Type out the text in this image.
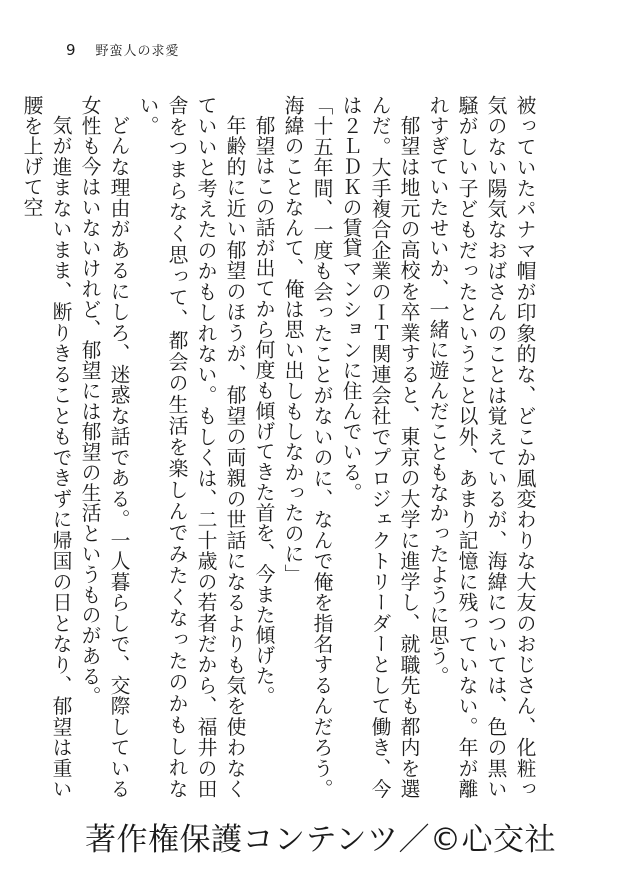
9 野蛮人の求愛

被っていたパナマ帽が印象的な、どこか風変わりな大友のおじさん、化粧っ気のない陽気なおばさんのことは覚えているが、海緯については、色の黒い騒がしい子どもだったということ以外、あまり記憶に残っていない。年が離れすぎていたせいか、一緒に遊んだこともなかったように思う。

郁望は地元の高校を卒業すると、東京の大学に進学し、就職先も都内を選んだ。大手複合企業のＩＴ関連会社でプロジェクトリーダーとして働き、今は２ＬＤＫの賃貸マンションに住んでいる。

「十五年間、一度も会ったことがないのに、なんで俺を指名するんだろう。海緯のことなんて、俺は思い出しもしなかったのに」

郁望はこの話が出てから何度も傾げてきた首を、今また傾げた。

年齢的に近い郁望のほうが、郁望の両親の世話になるよりも気を使わなくていいと考えたのかもしれない。もしくは、二十歳の若者だから、福井の田舎をつまらなく思って、都会の生活を楽しんでみたくなったのかもしれない。

どんな理由があるにしろ、迷惑な話である。一人暮らしで、交際している女性も今はいないけれど、郁望には郁望の生活というものがある。

気が進まないまま、断りきることもできずに帰国の日となり、郁望は重い腰を上げて空

著作権保護コンテンツ／©心交社
